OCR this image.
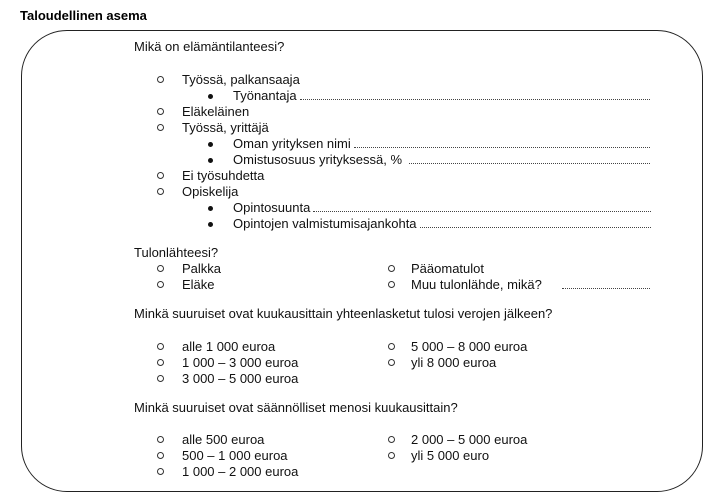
Taloudellinen asema
Mikä on elämäntilanteesi?
Työssä, palkansaaja
Työnantaja
Eläkeläinen
Työssä, yrittäjä
Oman yrityksen nimi
Omistusosuus yrityksessä, %
Ei työsuhdetta
Opiskelija
Opintosuunta
Opintojen valmistumisajankohta
Tulonlähteesi?
Palkka
Eläke
Pääomatulot
Muu tulonlähde, mikä?
Minkä suuruiset ovat kuukausittain yhteenlasketut tulosi verojen jälkeen?
alle 1 000 euroa
1 000 – 3 000 euroa
3 000 – 5 000 euroa
5 000 – 8 000 euroa
yli 8 000 euroa
Minkä suuruiset ovat säännölliset menosi kuukausittain?
alle 500 euroa
500 – 1 000 euroa
1 000 – 2 000 euroa
2 000 – 5 000 euroa
yli 5 000 euro
